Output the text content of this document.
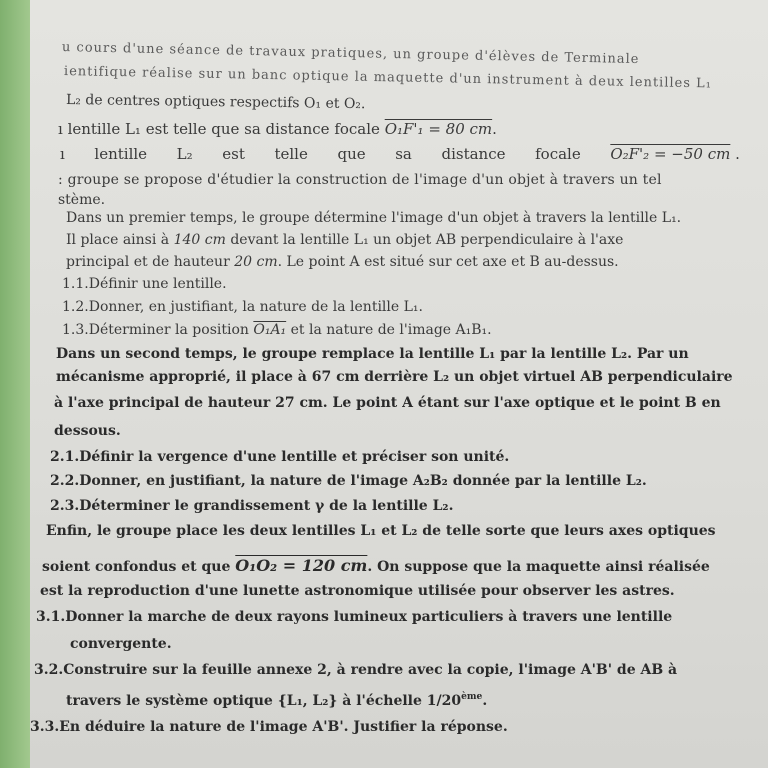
u cours d'une séance de travaux pratiques, un groupe d'élèves de Terminale
ientifique réalise sur un banc optique la maquette d'un instrument à deux lentilles L₁
L₂ de centres optiques respectifs O₁ et O₂.
ı lentille L₁ est telle que sa distance focale O₁F'₁ = 80 cm.
ı lentille L₂ est telle que sa distance focale O₂F'₂ = −50 cm .
: groupe se propose d'étudier la construction de l'image d'un objet à travers un tel
stème.
Dans un premier temps, le groupe détermine l'image d'un objet à travers la lentille L₁.
Il place ainsi à 140 cm devant la lentille L₁ un objet AB perpendiculaire à l'axe
principal et de hauteur 20 cm. Le point A est situé sur cet axe et B au-dessus.
1.1.Définir une lentille.
1.2.Donner, en justifiant, la nature de la lentille L₁.
1.3.Déterminer la position O₁A₁ et la nature de l'image A₁B₁.
Dans un second temps, le groupe remplace la lentille L₁ par la lentille L₂. Par un
mécanisme approprié, il place à 67 cm derrière L₂ un objet virtuel AB perpendiculaire
à l'axe principal de hauteur 27 cm. Le point A étant sur l'axe optique et le point B en
dessous.
2.1.Définir la vergence d'une lentille et préciser son unité.
2.2.Donner, en justifiant, la nature de l'image A₂B₂ donnée par la lentille L₂.
2.3.Déterminer le grandissement γ de la lentille L₂.
Enfin, le groupe place les deux lentilles L₁ et L₂ de telle sorte que leurs axes optiques
soient confondus et que O₁O₂ = 120 cm. On suppose que la maquette ainsi réalisée
est la reproduction d'une lunette astronomique utilisée pour observer les astres.
3.1.Donner la marche de deux rayons lumineux particuliers à travers une lentille
convergente.
3.2.Construire sur la feuille annexe 2, à rendre avec la copie, l'image A'B' de AB à
travers le système optique {L₁, L₂} à l'échelle 1/20ème.
3.3.En déduire la nature de l'image A'B'. Justifier la réponse.
